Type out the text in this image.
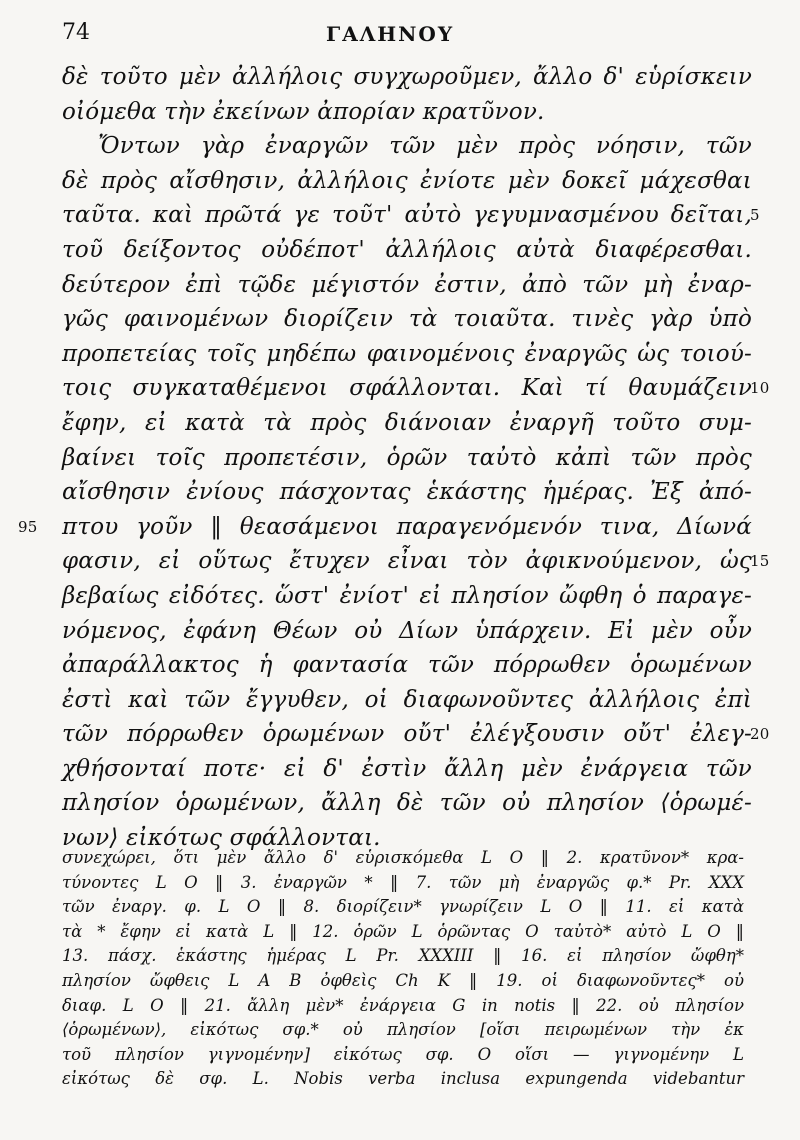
74	ΓΑΛΗΝΟΥ
δὲ τοῦτο μὲν ἀλλήλοις συγχωροῦμεν, ἄλλο δ' εὑρίσκειν
οἰόμεθα τὴν ἐκείνων ἀπορίαν κρατῦνον.
Ὄντων γὰρ ἐναργῶν τῶν μὲν πρὸς νόησιν, τῶν
δὲ πρὸς αἴσθησιν, ἀλλήλοις ἐνίοτε μὲν δοκεῖ μάχεσθαι
ταῦτα. καὶ πρῶτά γε τοῦτ' αὐτὸ γεγυμνασμένου δεῖται,
5
τοῦ δείξοντος οὐδέποτ' ἀλλήλοις αὐτὰ διαφέρεσθαι.
δεύτερον ἐπὶ τῷδε μέγιστόν ἐστιν, ἀπὸ τῶν μὴ ἐναρ-
γῶς φαινομένων διορίζειν τὰ τοιαῦτα. τινὲς γὰρ ὑπὸ
προπετείας τοῖς μηδέπω φαινομένοις ἐναργῶς ὡς τοιού-
τοις συγκαταθέμενοι σφάλλονται. Καὶ τί θαυμάζειν
10
ἔφην, εἰ κατὰ τὰ πρὸς διάνοιαν ἐναργῆ τοῦτο συμ-
βαίνει τοῖς προπετέσιν, ὁρῶν ταὐτὸ κἀπὶ τῶν πρὸς
αἴσθησιν ἐνίους πάσχοντας ἑκάστης ἡμέρας. Ἐξ ἀπό-
πτου γοῦν ‖ θεασάμενοι παραγενόμενόν τινα, Δίωνά
95
φασιν, εἰ οὕτως ἔτυχεν εἶναι τὸν ἀφικνούμενον, ὡς
15
βεβαίως εἰδότες. ὥστ' ἐνίοτ' εἰ πλησίον ὤφθη ὁ παραγε-
νόμενος, ἐφάνη Θέων οὐ Δίων ὑπάρχειν. Εἰ μὲν οὖν
ἀπαράλλακτος ἡ φαντασία τῶν πόρρωθεν ὁρωμένων
ἐστὶ καὶ τῶν ἔγγυθεν, οἱ διαφωνοῦντες ἀλλήλοις ἐπὶ
τῶν πόρρωθεν ὁρωμένων οὔτ' ἐλέγξουσιν οὔτ' ἐλεγ-
20
χθήσονταί ποτε· εἰ δ' ἐστὶν ἄλλη μὲν ἐνάργεια τῶν
πλησίον ὁρωμένων, ἄλλη δὲ τῶν οὐ πλησίον ⟨ὁρωμέ-
νων⟩ εἰκότως σφάλλονται.
συνεχώρει, ὅτι μὲν ἄλλο δ' εὑρισκόμεθα L O ‖ 2. κρατῦνον* κρα-
τύνοντες L O ‖ 3. ἐναργῶν * ‖ 7. τῶν μὴ ἐναργῶς φ.* Pr. XXX
τῶν ἐναργ. φ. L O ‖ 8. διορίζειν* γνωρίζειν L O ‖ 11. εἰ κατὰ
τὰ * ἔφην εἰ κατὰ L ‖ 12. ὁρῶν L ὁρῶντας O ταὐτὸ* αὐτὸ L O ‖
13. πάσχ. ἑκάστης ἡμέρας L Pr. XXXIII ‖ 16. εἰ πλησίον ὤφθη*
πλησίον ὤφθεις L A B ὀφθεὶς Ch K ‖ 19. οἱ διαφωνοῦντες* οὐ
διαφ. L O ‖ 21. ἄλλη μὲν* ἐνάργεια G in notis ‖ 22. οὐ πλησίον
⟨ὁρωμένων⟩, εἰκότως σφ.* οὐ πλησίον [οἵσι πειρωμένων τὴν ἐκ
τοῦ πλησίον γιγνομένην] εἰκότως σφ. O οἵσι — γιγνομένην L
εἰκότως δὲ σφ. L. Nobis verba inclusa expungenda videbantur
